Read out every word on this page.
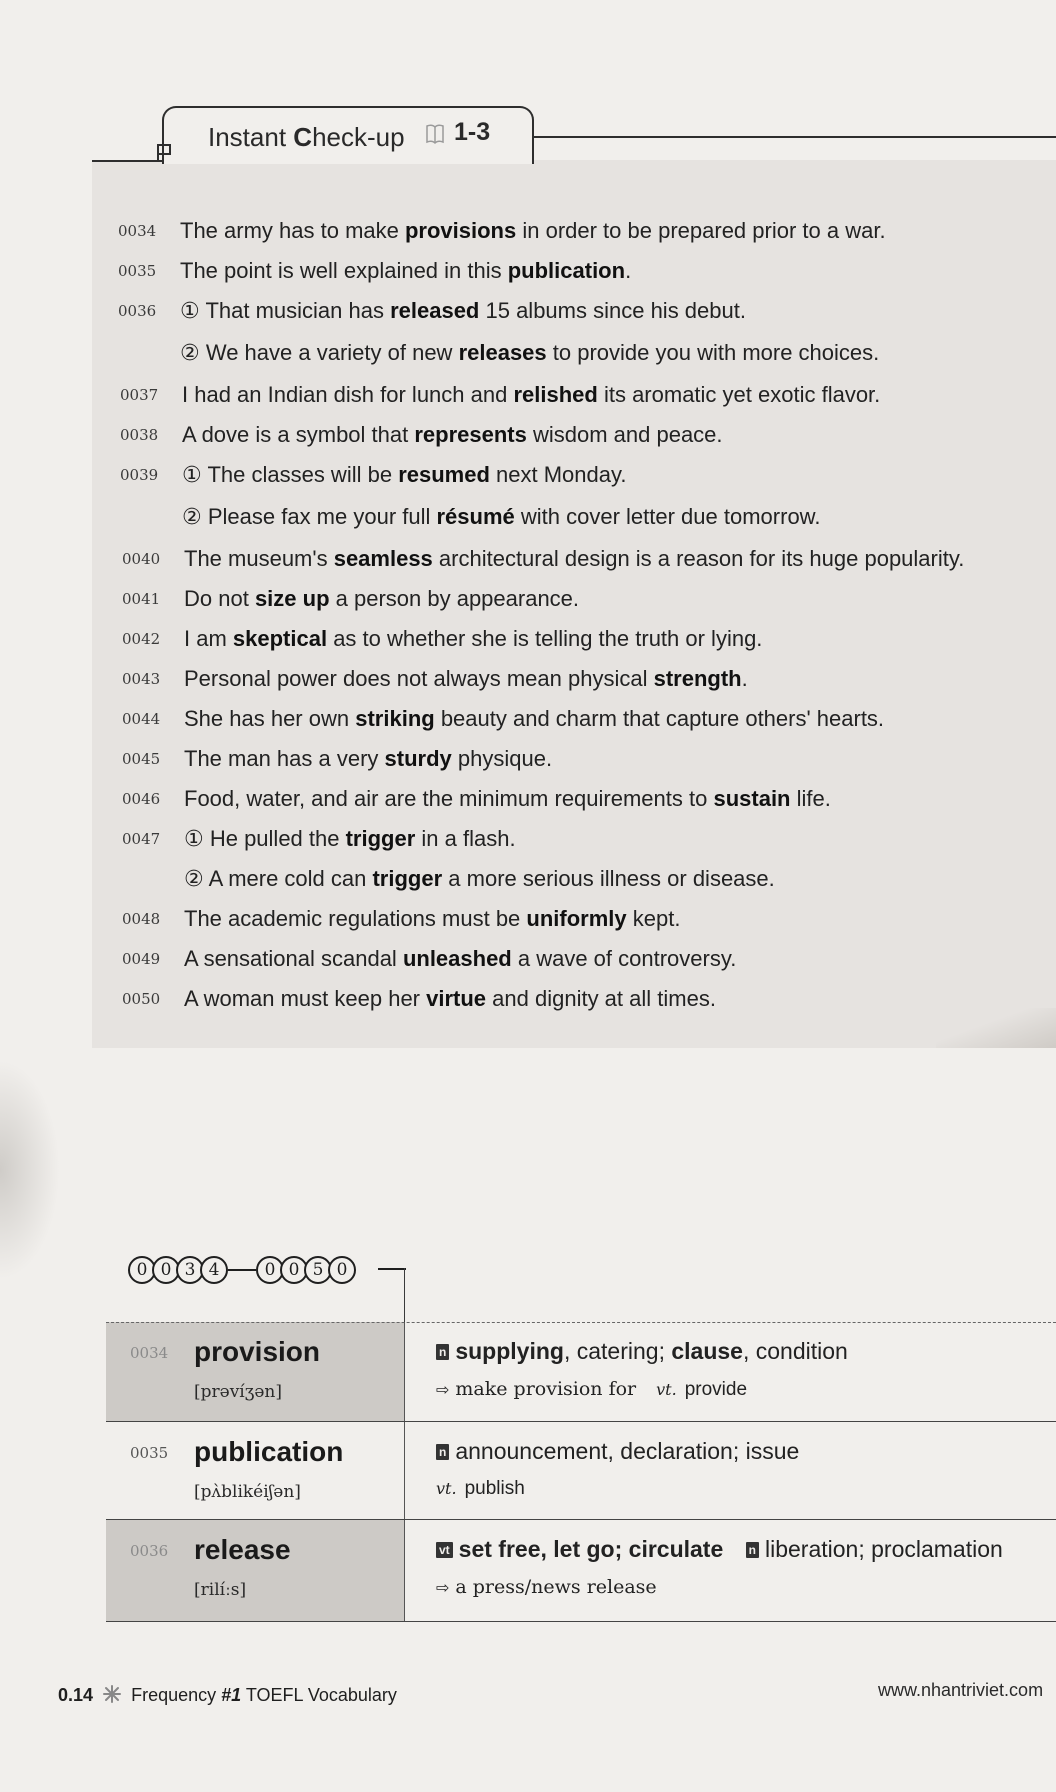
Instant Check-up 1-3
0034	The army has to make provisions in order to be prepared prior to a war.
0035	The point is well explained in this publication.
0036	① That musician has released 15 albums since his debut.
② We have a variety of new releases to provide you with more choices.
0037	I had an Indian dish for lunch and relished its aromatic yet exotic flavor.
0038	A dove is a symbol that represents wisdom and peace.
0039	① The classes will be resumed next Monday.
② Please fax me your full résumé with cover letter due tomorrow.
0040	The museum's seamless architectural design is a reason for its huge popularity.
0041	Do not size up a person by appearance.
0042	I am skeptical as to whether she is telling the truth or lying.
0043	Personal power does not always mean physical strength.
0044	She has her own striking beauty and charm that capture others' hearts.
0045	The man has a very sturdy physique.
0046	Food, water, and air are the minimum requirements to sustain life.
0047	① He pulled the trigger in a flash.
② A mere cold can trigger a more serious illness or disease.
0048	The academic regulations must be uniformly kept.
0049	A sensational scandal unleashed a wave of controversy.
0050	A woman must keep her virtue and dignity at all times.
0 0 3 4	0 0 5 0
0034 provision
[prəvíʒən]
n supplying, catering; clause, condition
⇨ make provision for vt. provide
0035 publication
[pʌ̀blikéiʃən]
n announcement, declaration; issue
vt. publish
0036 release
[rilíːs]
vt set free, let go; circulate n liberation; proclamation
⇨ a press/news release
0.14 Frequency #1 TOEFL Vocabulary	www.nhantriviet.com
